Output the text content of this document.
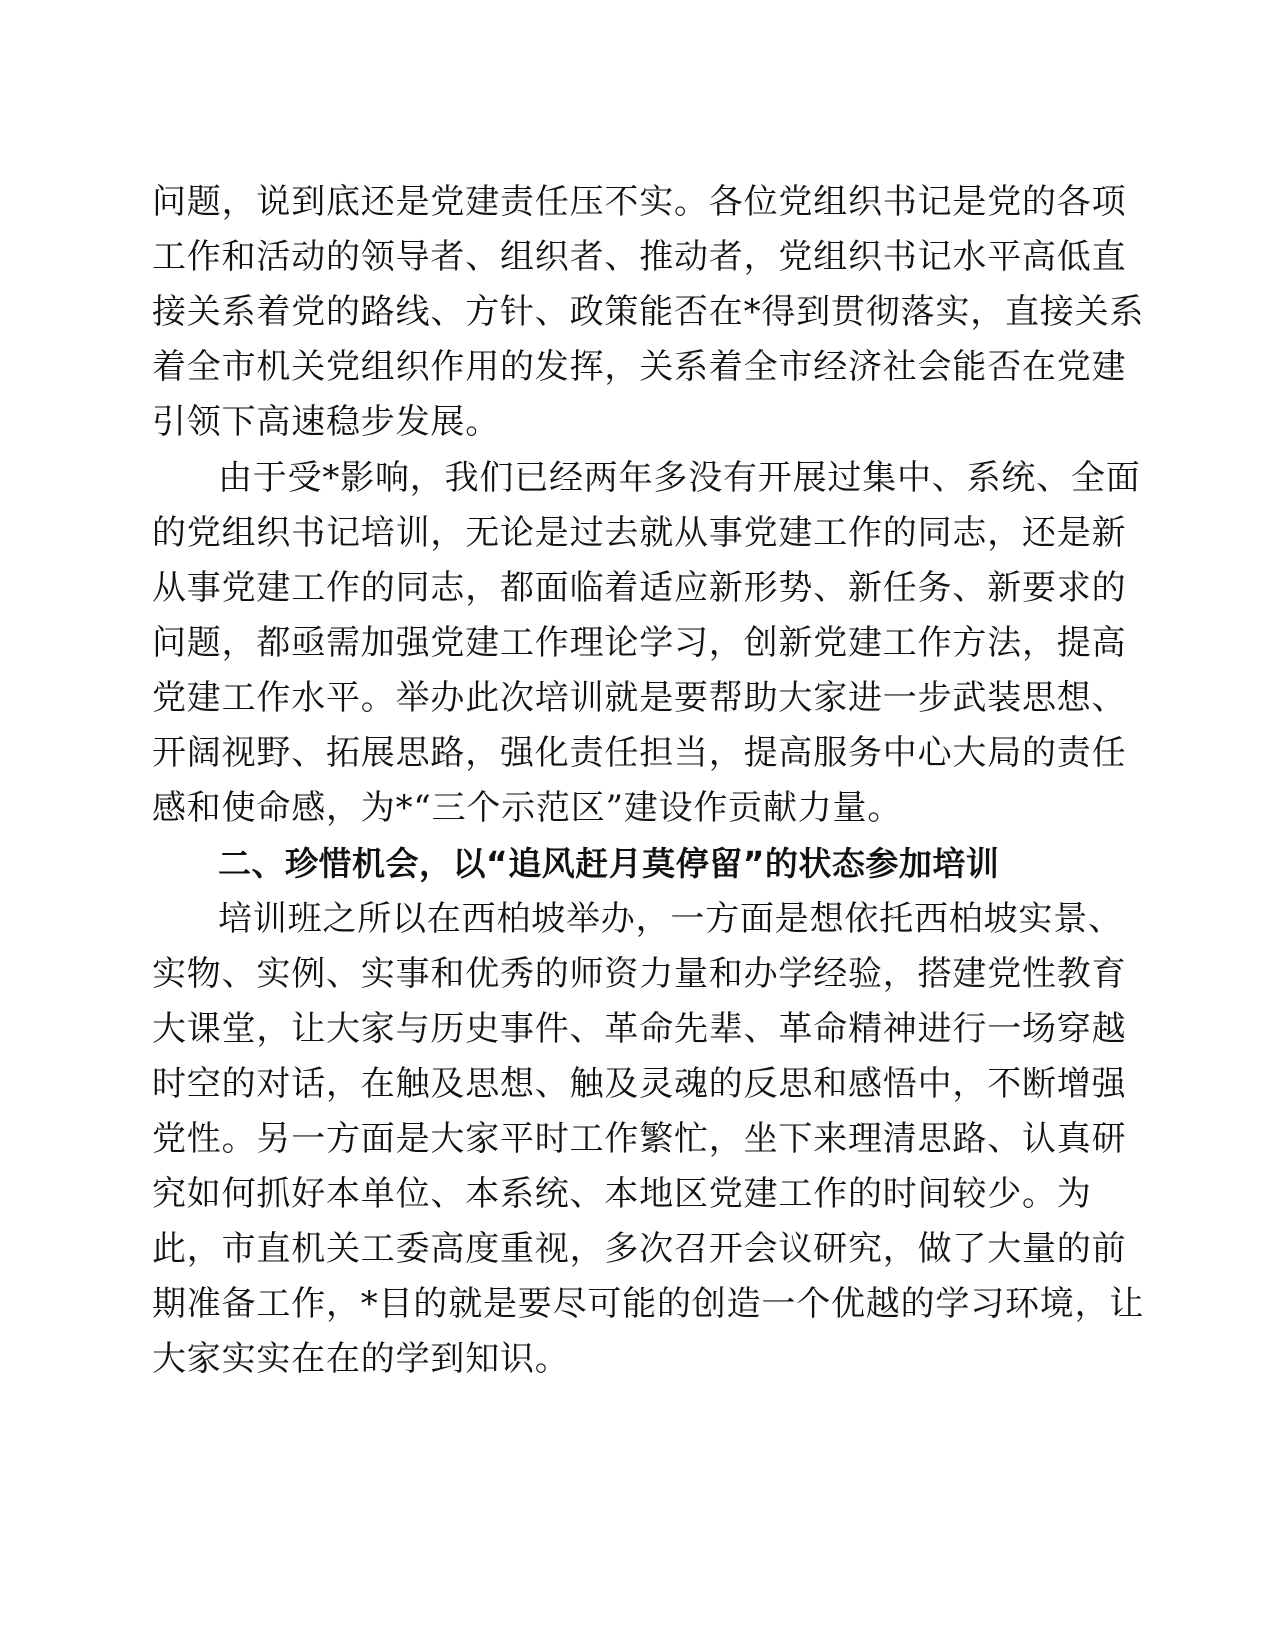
问题，说到底还是党建责任压不实。各位党组织书记是党的各项
工作和活动的领导者、组织者、推动者，党组织书记水平高低直
接关系着党的路线、方针、政策能否在*得到贯彻落实，直接关系
着全市机关党组织作用的发挥，关系着全市经济社会能否在党建
引领下高速稳步发展。
由于受*影响，我们已经两年多没有开展过集中、系统、全面
的党组织书记培训，无论是过去就从事党建工作的同志，还是新
从事党建工作的同志，都面临着适应新形势、新任务、新要求的
问题，都亟需加强党建工作理论学习，创新党建工作方法，提高
党建工作水平。举办此次培训就是要帮助大家进一步武装思想、
开阔视野、拓展思路，强化责任担当，提高服务中心大局的责任
感和使命感，为*“三个示范区”建设作贡献力量。
二、珍惜机会，以“追风赶月莫停留”的状态参加培训
培训班之所以在西柏坡举办，一方面是想依托西柏坡实景、
实物、实例、实事和优秀的师资力量和办学经验，搭建党性教育
大课堂，让大家与历史事件、革命先辈、革命精神进行一场穿越
时空的对话，在触及思想、触及灵魂的反思和感悟中，不断增强
党性。另一方面是大家平时工作繁忙，坐下来理清思路、认真研
究如何抓好本单位、本系统、本地区党建工作的时间较少。为
此，市直机关工委高度重视，多次召开会议研究，做了大量的前
期准备工作，*目的就是要尽可能的创造一个优越的学习环境，让
大家实实在在的学到知识。
